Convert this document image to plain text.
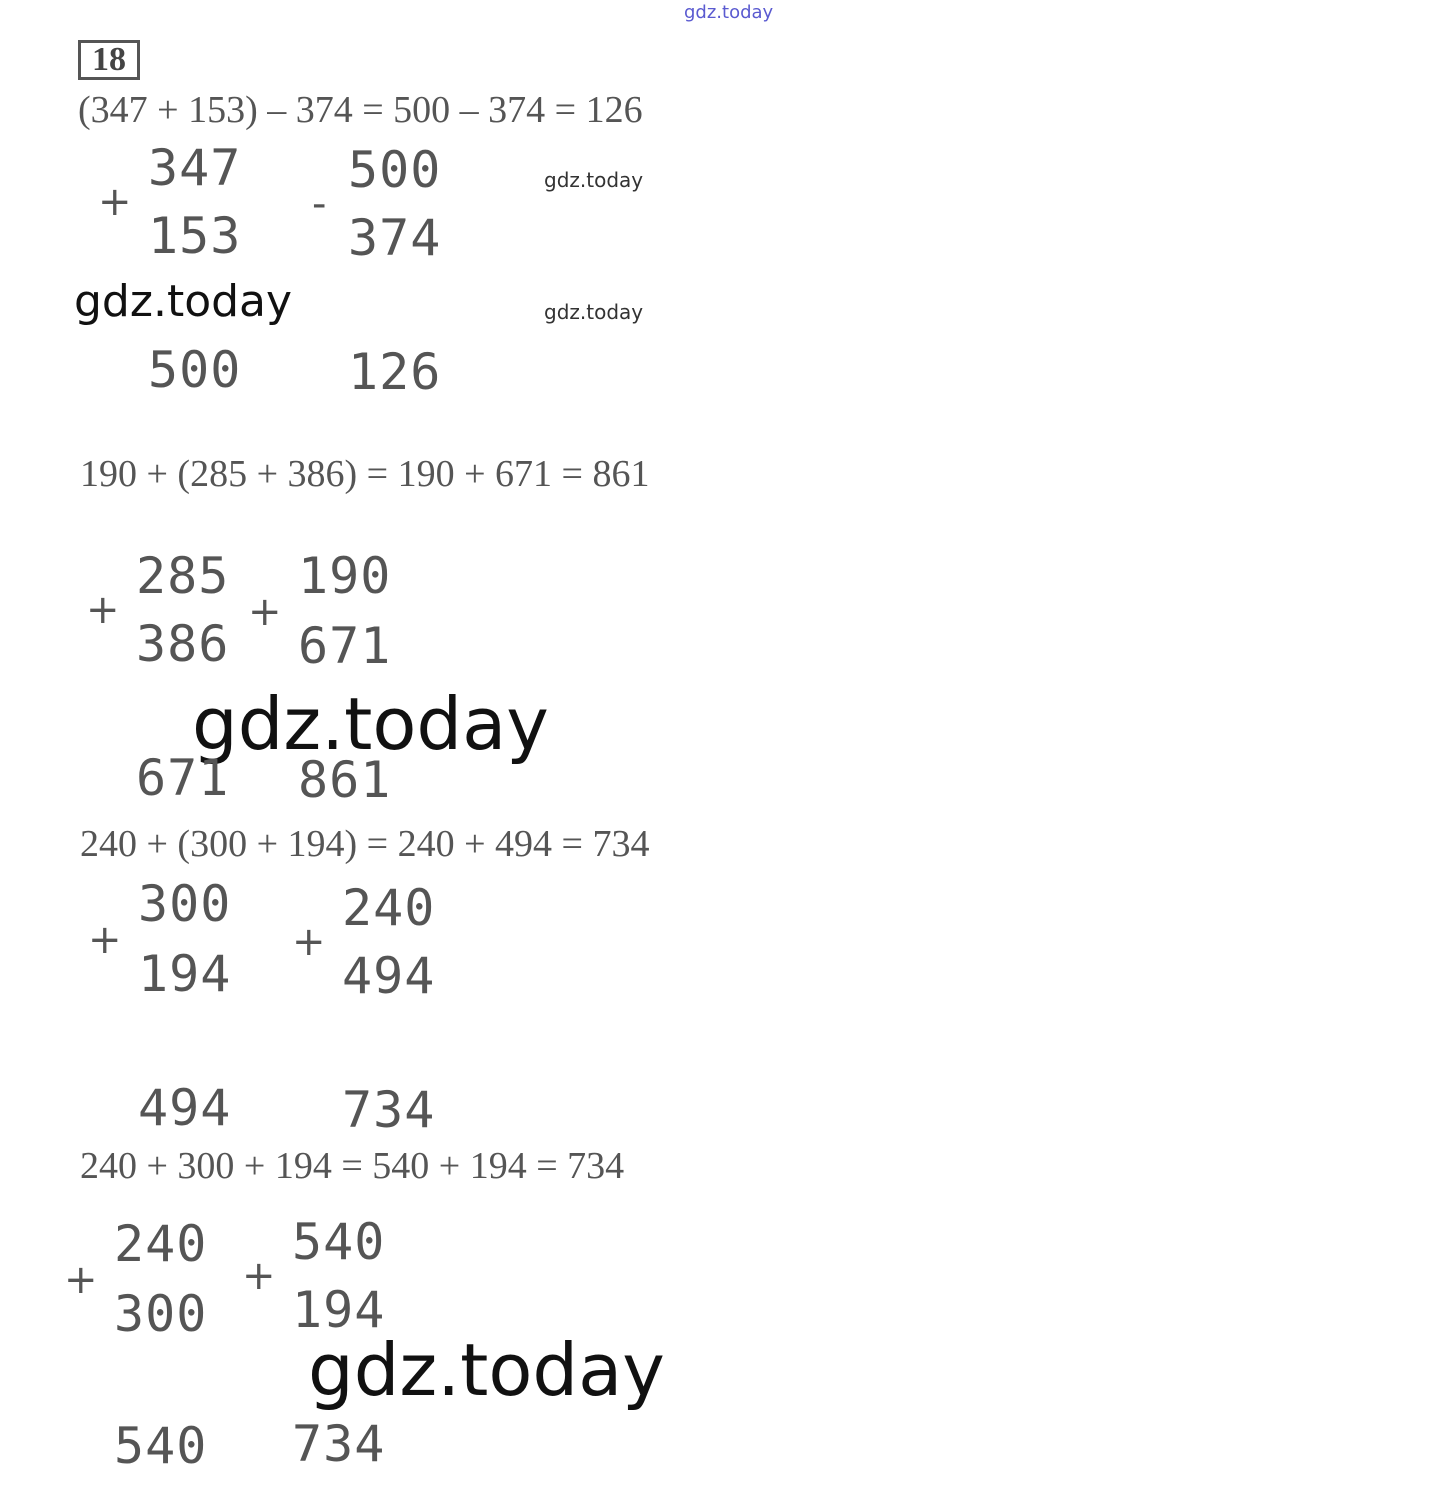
gdz.today
gdz.today
gdz.today
gdz.today
gdz.today
gdz.today
18
(347 + 153) – 374 = 500 – 374 = 126
+
347
153
500
-
500
374
126
190 + (285 + 386) = 190 + 671 = 861
+
285
386
671
+
190
671
861
240 + (300 + 194) = 240 + 494 = 734
+
300
194
494
+
240
494
734
240 + 300 + 194 = 540 + 194 = 734
+
240
300
540
+
540
194
734
